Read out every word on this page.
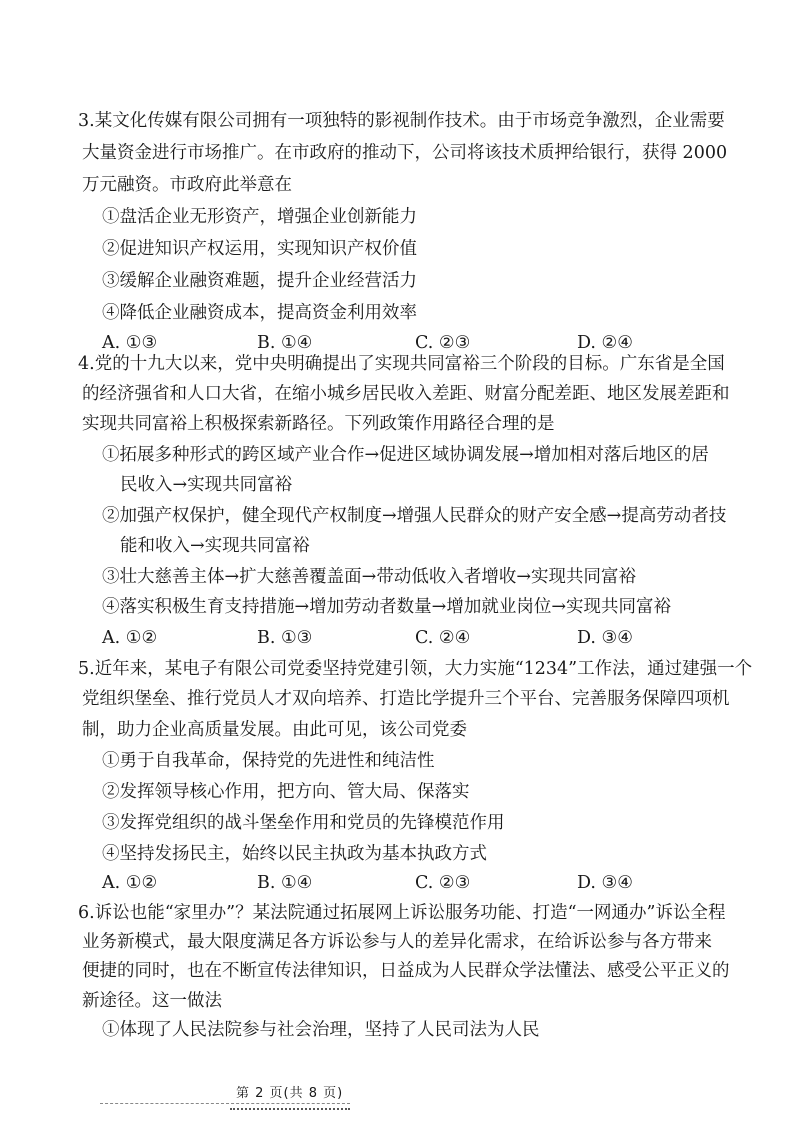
3.某文化传媒有限公司拥有一项独特的影视制作技术。由于市场竞争激烈，企业需要
大量资金进行市场推广。在市政府的推动下，公司将该技术质押给银行，获得 2000
万元融资。市政府此举意在
①盘活企业无形资产，增强企业创新能力
②促进知识产权运用，实现知识产权价值
③缓解企业融资难题，提升企业经营活力
④降低企业融资成本，提高资金利用效率
A. ①③	B. ①④	C. ②③	D. ②④
4.党的十九大以来，党中央明确提出了实现共同富裕三个阶段的目标。广东省是全国
的经济强省和人口大省，在缩小城乡居民收入差距、财富分配差距、地区发展差距和
实现共同富裕上积极探索新路径。下列政策作用路径合理的是
①拓展多种形式的跨区域产业合作→促进区域协调发展→增加相对落后地区的居
民收入→实现共同富裕
②加强产权保护，健全现代产权制度→增强人民群众的财产安全感→提高劳动者技
能和收入→实现共同富裕
③壮大慈善主体→扩大慈善覆盖面→带动低收入者增收→实现共同富裕
④落实积极生育支持措施→增加劳动者数量→增加就业岗位→实现共同富裕
A. ①②	B. ①③	C. ②④	D. ③④
5.近年来，某电子有限公司党委坚持党建引领，大力实施“1234”工作法，通过建强一个
党组织堡垒、推行党员人才双向培养、打造比学提升三个平台、完善服务保障四项机
制，助力企业高质量发展。由此可见，该公司党委
①勇于自我革命，保持党的先进性和纯洁性
②发挥领导核心作用，把方向、管大局、保落实
③发挥党组织的战斗堡垒作用和党员的先锋模范作用
④坚持发扬民主，始终以民主执政为基本执政方式
A. ①②	B. ①④	C. ②③	D. ③④
6.诉讼也能“家里办”？某法院通过拓展网上诉讼服务功能、打造“一网通办”诉讼全程
业务新模式，最大限度满足各方诉讼参与人的差异化需求，在给诉讼参与各方带来
便捷的同时，也在不断宣传法律知识，日益成为人民群众学法懂法、感受公平正义的
新途径。这一做法
①体现了人民法院参与社会治理，坚持了人民司法为人民
第 2 页(共 8 页)
